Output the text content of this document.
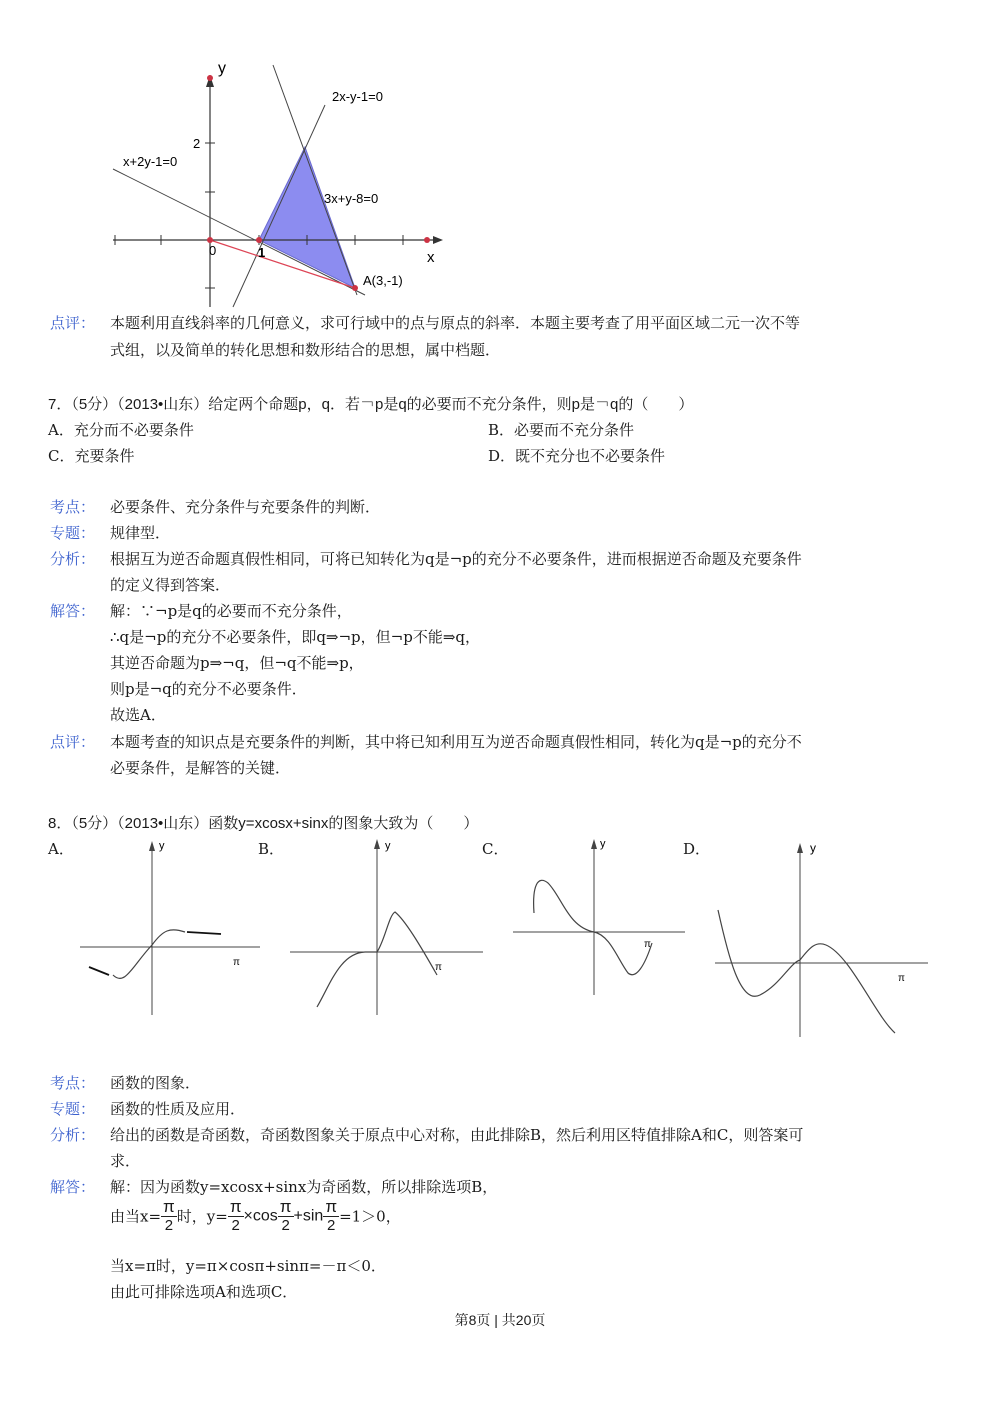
y
x
0	1
2
2x-y-1=0
x+2y-1=0
3x+y-8=0
A(3,-1)
点评： 本题利用直线斜率的几何意义，求可行域中的点与原点的斜率．本题主要考查了用平面区域二元一次不等
式组，以及简单的转化思想和数形结合的思想，属中档题．
7．（5分）（2013•山东）给定两个命题p，q．若￢p是q的必要而不充分条件，则p是￢q的（　　）
A．充分而不必要条件	B．必要而不充分条件
C．充要条件	D．既不充分也不必要条件
考点： 必要条件、充分条件与充要条件的判断．
专题： 规律型．
分析： 根据互为逆否命题真假性相同，可将已知转化为q是¬p的充分不必要条件，进而根据逆否命题及充要条件
的定义得到答案．
解答： 解：∵¬p是q的必要而不充分条件，
∴q是¬p的充分不必要条件，即q⇒¬p，但¬p不能⇒q，
其逆否命题为p⇒¬q，但¬q不能⇒p，
则p是¬q的充分不必要条件．
故选A．
点评： 本题考查的知识点是充要条件的判断，其中将已知利用互为逆否命题真假性相同，转化为q是¬p的充分不
必要条件，是解答的关键．
8．（5分）（2013•山东）函数y=xcosx+sinx的图象大致为（　　）
A．	B．	C．	D．
y
π
y
π
y
π
y
π
考点： 函数的图象．
专题： 函数的性质及应用．
分析： 给出的函数是奇函数，奇函数图象关于原点中心对称，由此排除B，然后利用区特值排除A和C，则答案可
求．
解答： 解：因为函数y=xcosx+sinx为奇函数，所以排除选项B，
由当$x= \frac{\pi}{2}$ 时，$y= \frac{\pi}{2} \times\cos \frac{\pi}{2} +\sin \frac{\pi}{2} =1>0$，
当x=π时，y=π×cosπ+sinπ=－π＜0．
由此可排除选项A和选项C．
第8页 | 共20页
